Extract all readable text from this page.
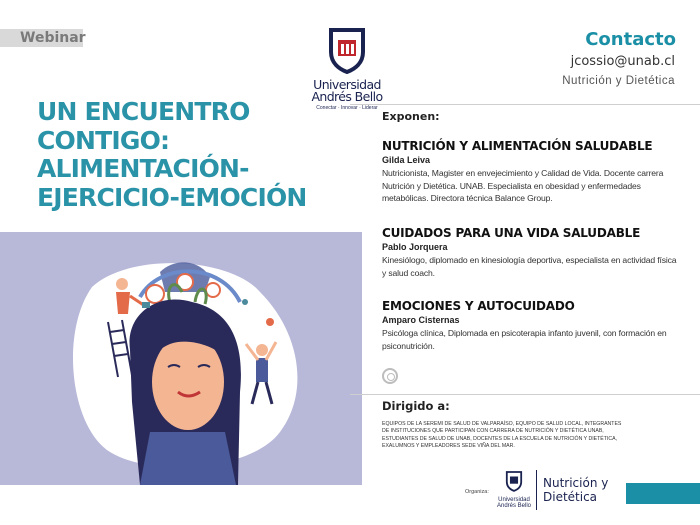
Webinar
Universidad
Andrés Bello
Conectar · Innovar · Liderar
Contacto
jcossio@unab.cl
Nutrición y Dietética
UN ENCUENTRO
CONTIGO:
ALIMENTACIÓN-
EJERCICIO-EMOCIÓN
Exponen:
NUTRICIÓN Y ALIMENTACIÓN SALUDABLE
Gilda Leiva
Nutricionista, Magister en envejecimiento y Calidad de Vida. Docente carrera Nutrición y Dietética. UNAB. Especialista en obesidad y enfermedades metabólicas. Directora técnica Balance Group.
CUIDADOS PARA UNA VIDA SALUDABLE
Pablo Jorquera
Kinesiólogo, diplomado en kinesiología deportiva, especialista en actividad física y salud coach.
EMOCIONES Y AUTOCUIDADO
Amparo Cisternas
Psicóloga clínica, Diplomada en psicoterapia infanto juvenil, con formación en psiconutrición.
Dirigido a:
EQUIPOS DE LA SEREMI DE SALUD DE VALPARAÍSO, EQUIPO DE SALUD LOCAL, INTEGRANTES DE INSTITUCIONES QUE PARTICIPAN CON CARRERA DE NUTRICIÓN Y DIETÉTICA UNAB, ESTUDIANTES DE SALUD DE UNAB, DOCENTES DE LA ESCUELA DE NUTRICIÓN Y DIETÉTICA, EXALUMNOS Y EMPLEADORES SEDE VIÑA DEL MAR.
Organiza:
Universidad
Andrés Bello
Nutrición y
Dietética
